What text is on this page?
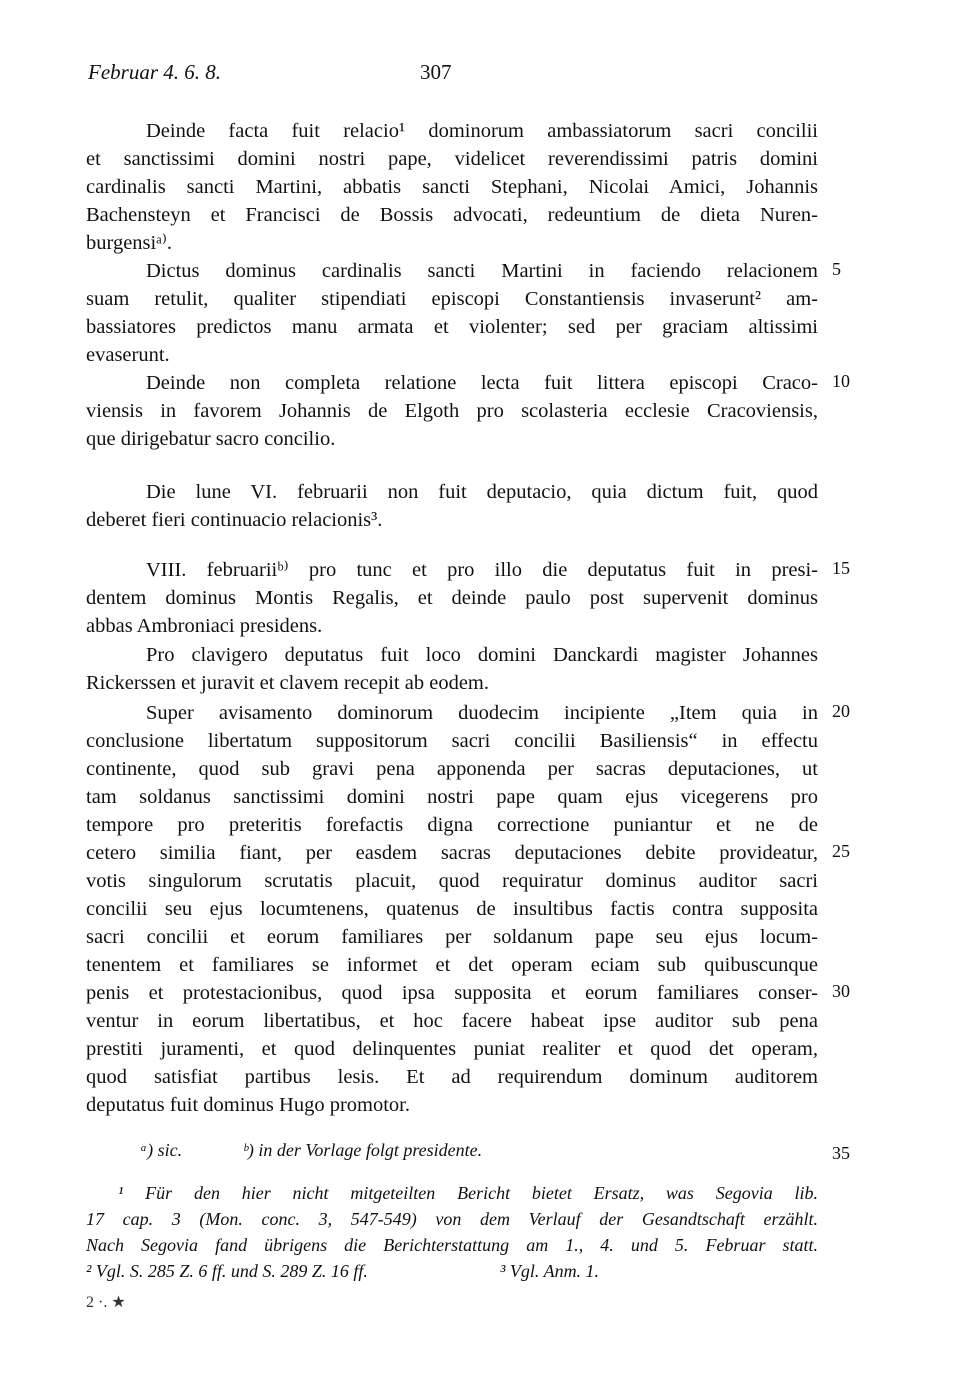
Februar 4. 6. 8.	307
Deinde facta fuit relacio¹ dominorum ambassiatorum sacri concilii
et sanctissimi domini nostri pape, videlicet reverendissimi patris domini
cardinalis sancti Martini, abbatis sancti Stephani, Nicolai Amici, Johannis
Bachensteyn et Francisci de Bossis advocati, redeuntium de dieta Nuren-
burgensiᵃ⁾.
Dictus dominus cardinalis sancti Martini in faciendo relacionem
suam retulit, qualiter stipendiati episcopi Constantiensis invaserunt² am-
bassiatores predictos manu armata et violenter; sed per graciam altissimi
evaserunt.
Deinde non completa relatione lecta fuit littera episcopi Craco-
viensis in favorem Johannis de Elgoth pro scolasteria ecclesie Cracoviensis,
que dirigebatur sacro concilio.
Die lune VI. februarii non fuit deputacio, quia dictum fuit, quod
deberet fieri continuacio relacionis³.
VIII. februariiᵇ⁾ pro tunc et pro illo die deputatus fuit in presi-
dentem dominus Montis Regalis, et deinde paulo post supervenit dominus
abbas Ambroniaci presidens.
Pro clavigero deputatus fuit loco domini Danckardi magister Johannes
Rickerssen et juravit et clavem recepit ab eodem.
Super avisamento dominorum duodecim incipiente „Item quia in
conclusione libertatum suppositorum sacri concilii Basiliensis“ in effectu
continente, quod sub gravi pena apponenda per sacras deputaciones, ut
tam soldanus sanctissimi domini nostri pape quam ejus vicegerens pro
tempore pro preteritis forefactis digna correctione puniantur et ne de
cetero similia fiant, per easdem sacras deputaciones debite provideatur,
votis singulorum scrutatis placuit, quod requiratur dominus auditor sacri
concilii seu ejus locumtenens, quatenus de insultibus factis contra supposita
sacri concilii et eorum familiares per soldanum pape seu ejus locum-
tenentem et familiares se informet et det operam eciam sub quibuscunque
penis et protestacionibus, quod ipsa supposita et eorum familiares conser-
ventur in eorum libertatibus, et hoc facere habeat ipse auditor sub pena
prestiti juramenti, et quod delinquentes puniat realiter et quod det operam,
quod satisfiat partibus lesis. Et ad requirendum dominum auditorem
deputatus fuit dominus Hugo promotor.
5
10
15
20
25
30
35
ᵃ) sic.	ᵇ) in der Vorlage folgt presidente.
¹ Für den hier nicht mitgeteilten Bericht bietet Ersatz, was Segovia lib.
17 cap. 3 (Mon. conc. 3, 547-549) von dem Verlauf der Gesandtschaft erzählt.
Nach Segovia fand übrigens die Berichterstattung am 1., 4. und 5. Februar statt.
² Vgl. S. 285 Z. 6 ff. und S. 289 Z. 16 ff.	³ Vgl. Anm. 1.
2 ·. ★
